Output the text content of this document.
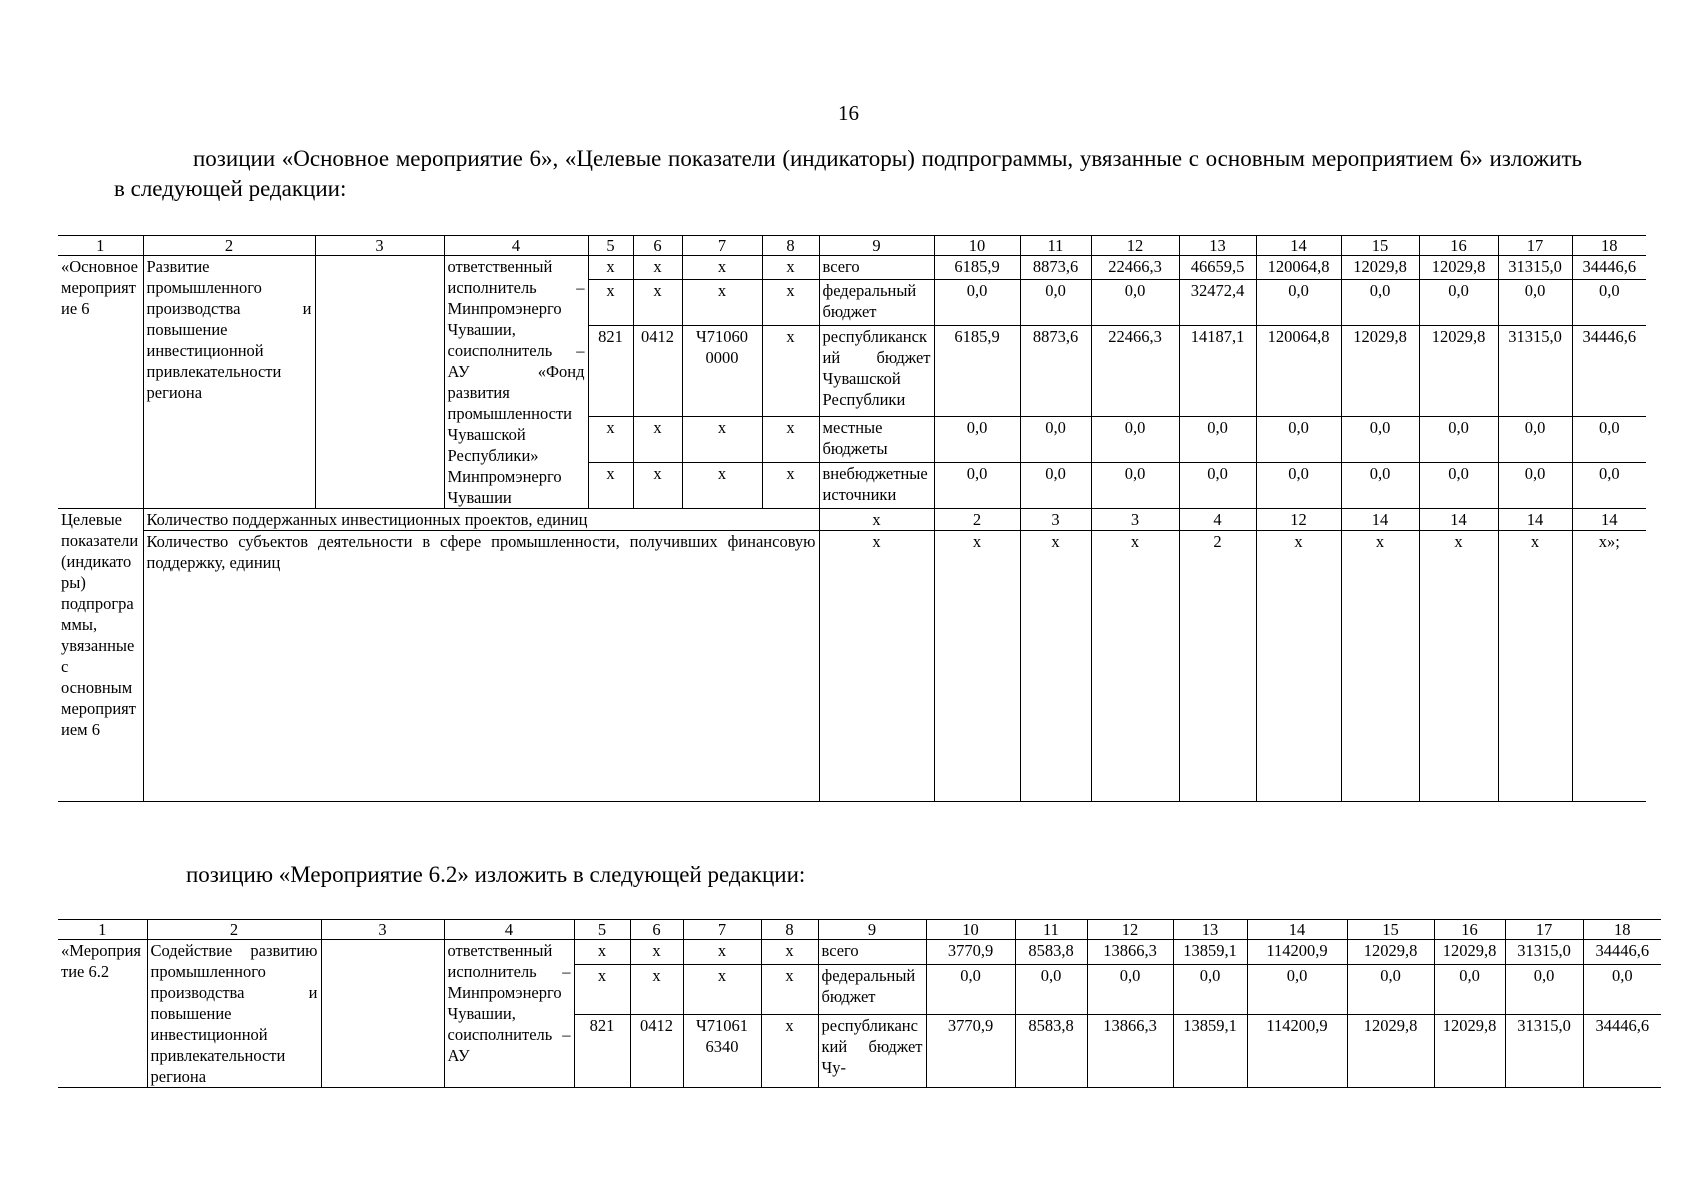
16
позиции «Основное мероприятие 6», «Целевые показатели (индикаторы) подпрограммы, увязанные с основным мероприятием 6» изложить в следующей редакции:
1	2	3	4	5	6	7	8	9	10	11	12	13	14	15	16	17	18
«Основное мероприятие 6	Развитие промышленного производства и повышение инвестиционной привлекательности региона		ответственный исполнитель – Минпромэнерго Чувашии, соисполнитель – АУ «Фонд развития промышленности Чувашской Республики» Минпромэнерго Чувашии	x	x	x	x	всего	6185,9	8873,6	22466,3	46659,5	120064,8	12029,8	12029,8	31315,0	34446,6
				x	x	x	x	федеральный бюджет	0,0	0,0	0,0	32472,4	0,0	0,0	0,0	0,0	0,0
				821	0412	Ч71060 0000	x	республиканский бюджет Чувашской Республики	6185,9	8873,6	22466,3	14187,1	120064,8	12029,8	12029,8	31315,0	34446,6
				x	x	x	x	местные бюджеты	0,0	0,0	0,0	0,0	0,0	0,0	0,0	0,0	0,0
				x	x	x	x	внебюджетные источники	0,0	0,0	0,0	0,0	0,0	0,0	0,0	0,0	0,0
Целевые показатели (индикаторы) подпрограммы, увязанные с основным мероприятием 6	Количество поддержанных инвестиционных проектов, единиц							x	2	3	3	4	12	14	14	14	14
	Количество субъектов деятельности в сфере промышленности, получивших финансовую поддержку, единиц							x	x	x	x	2	x	x	x	x	x»;
позицию «Мероприятие 6.2» изложить в следующей редакции:
1	2	3	4	5	6	7	8	9	10	11	12	13	14	15	16	17	18
«Мероприятие 6.2	Содействие развитию промышленного производства и повышение инвестиционной привлекательности региона		ответственный исполнитель – Минпромэнерго Чувашии, соисполнитель – АУ	x	x	x	x	всего	3770,9	8583,8	13866,3	13859,1	114200,9	12029,8	12029,8	31315,0	34446,6
				x	x	x	x	федеральный бюджет	0,0	0,0	0,0	0,0	0,0	0,0	0,0	0,0	0,0
				821	0412	Ч71061 6340	x	республиканский бюджет Чу-	3770,9	8583,8	13866,3	13859,1	114200,9	12029,8	12029,8	31315,0	34446,6
